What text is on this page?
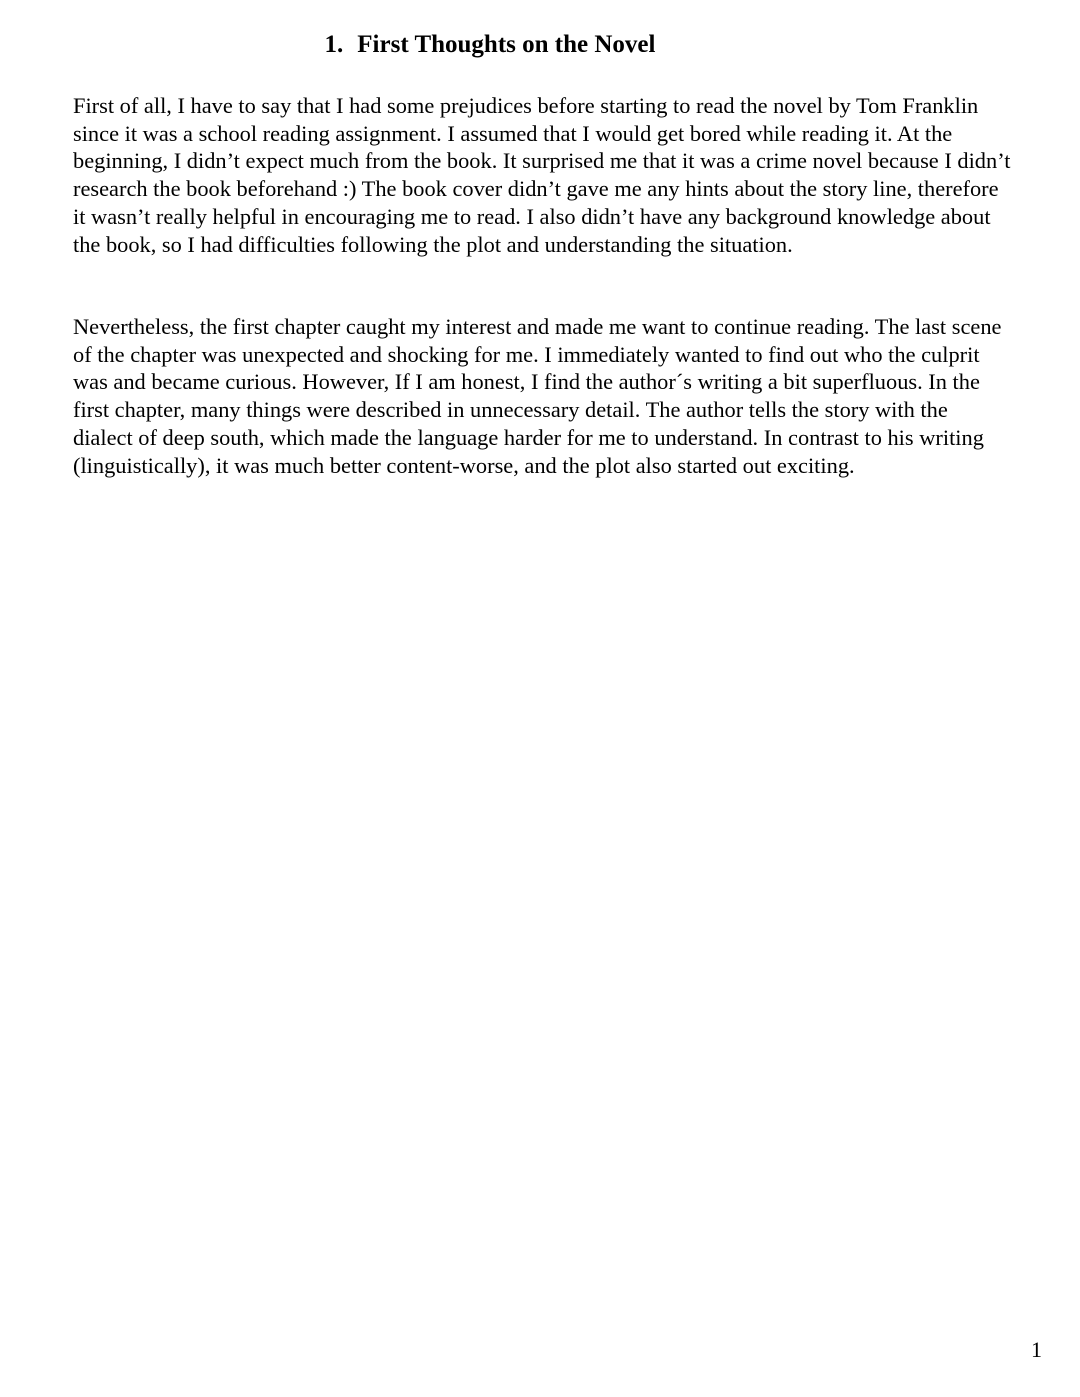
1. First Thoughts on the Novel

First of all, I have to say that I had some prejudices before starting to read the novel by Tom Franklin since it was a school reading assignment. I assumed that I would get bored while reading it. At the beginning, I didn’t expect much from the book. It surprised me that it was a crime novel because I didn’t research the book beforehand :) The book cover didn’t gave me any hints about the story line, therefore it wasn’t really helpful in encouraging me to read. I also didn’t have any background knowledge about the book, so I had difficulties following the plot and understanding the situation.

Nevertheless, the first chapter caught my interest and made me want to continue reading. The last scene of the chapter was unexpected and shocking for me. I immediately wanted to find out who the culprit was and became curious. However, If I am honest, I find the author´s writing a bit superfluous. In the first chapter, many things were described in unnecessary detail. The author tells the story with the dialect of deep south, which made the language harder for me to understand. In contrast to his writing (linguistically), it was much better content-worse, and the plot also started out exciting.

1
